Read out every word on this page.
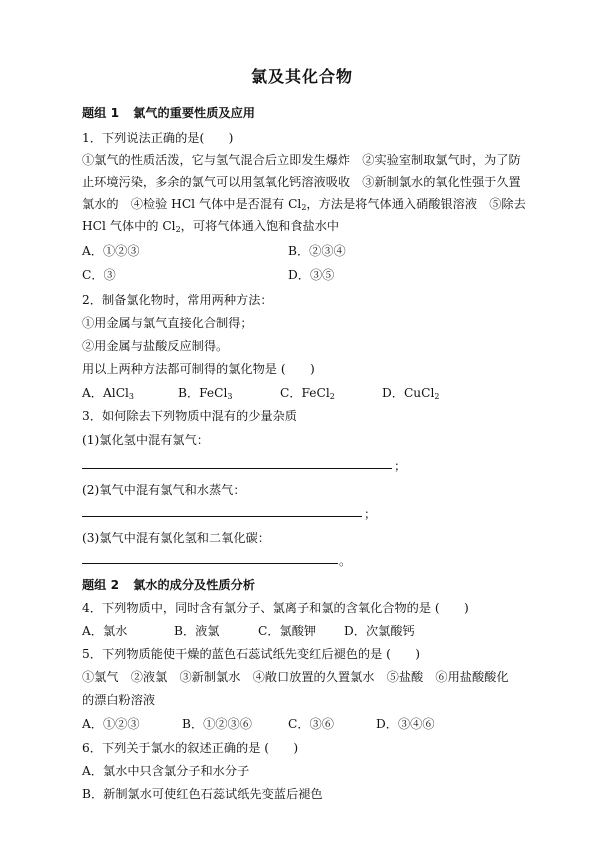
氯及其化合物
题组 1 氯气的重要性质及应用
1．下列说法正确的是(　　)
①氯气的性质活泼，它与氢气混合后立即发生爆炸　②实验室制取氯气时，为了防
止环境污染，多余的氯气可以用氢氧化钙溶液吸收　③新制氯水的氧化性强于久置
氯水的　④检验 HCl 气体中是否混有 $Cl_2$，方法是将气体通入硝酸银溶液　⑤除去
HCl 气体中的 $Cl_2$，可将气体通入饱和食盐水中
A．①②③	B．②③④
C．③	D．③⑤
2．制备氯化物时，常用两种方法：
①用金属与氯气直接化合制得；
②用金属与盐酸反应制得。
用以上两种方法都可制得的氯化物是 (　　)
A．AlCl$_3$	B．FeCl$_3$	C．FeCl$_2$	D．CuCl$_2$
3．如何除去下列物质中混有的少量杂质
(1)氯化氢中混有氯气：
；
(2)氧气中混有氯气和水蒸气：
；
(3)氯气中混有氯化氢和二氧化碳：
。
题组 2 氯水的成分及性质分析
4．下列物质中，同时含有氯分子、氯离子和氯的含氧化合物的是 (　　)
A．氯水	B．液氯	C．氯酸钾 D．次氯酸钙
5．下列物质能使干燥的蓝色石蕊试纸先变红后褪色的是 (　　)
①氯气　②液氯　③新制氯水　④敞口放置的久置氯水　⑤盐酸　⑥用盐酸酸化
的漂白粉溶液
A．①②③	B．①②③⑥	C．③⑥	D．③④⑥
6．下列关于氯水的叙述正确的是 (　　)
A．氯水中只含氯分子和水分子
B．新制氯水可使红色石蕊试纸先变蓝后褪色
